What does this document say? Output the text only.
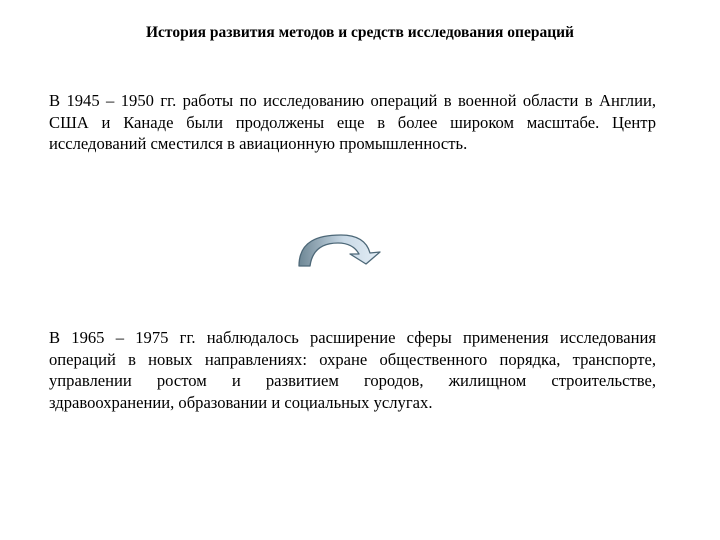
История развития методов и средств исследования операций
В 1945 – 1950 гг. работы по исследованию операций в военной области в Англии, США и Канаде были продолжены еще в более широком масштабе. Центр исследований сместился в авиационную промышленность.
В 1965 – 1975 гг. наблюдалось расширение сферы применения исследования операций в новых направлениях: охране общественного порядка, транспорте, управлении ростом и развитием городов, жилищном строительстве, здравоохранении, образовании и социальных услугах.
